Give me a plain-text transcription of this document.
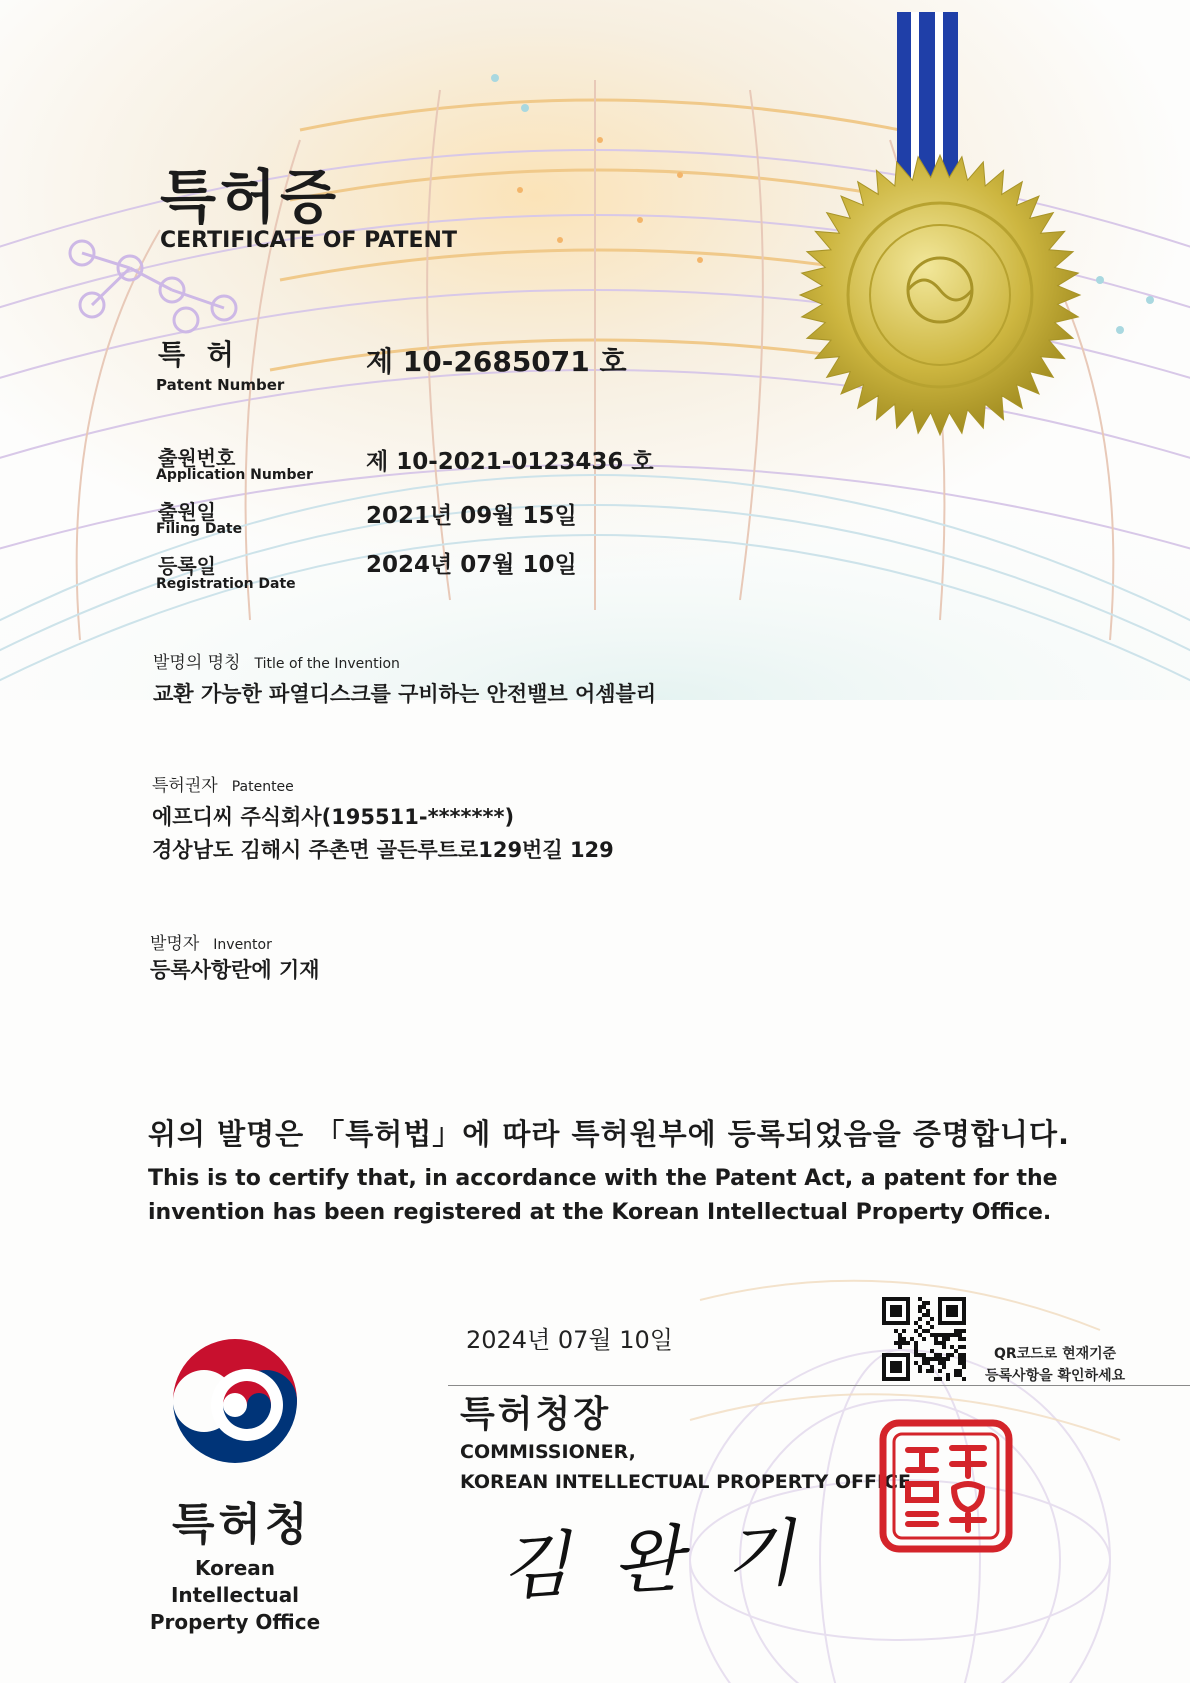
특허증
CERTIFICATE OF PATENT
특 허
Patent Number
제 10-2685071 호
출원번호
Application Number 제 10-2021-0123436 호
출원일
Filing Date	2021년 09월 15일
등록일
Registration Date
2024년 07월 10일
발명의 명칭 Title of the Invention
교환 가능한 파열디스크를 구비하는 안전밸브 어셈블리
특허권자 Patentee
에프디씨 주식회사(195511-*******)
경상남도 김해시 주촌면 골든루트로129번길 129
발명자 Inventor
등록사항란에 기재
위의 발명은 「특허법」에 따라 특허원부에 등록되었음을 증명합니다.
This is to certify that, in accordance with the Patent Act, a patent for the
invention has been registered at the Korean Intellectual Property Office.
2024년 07월 10일	QR코드로 현재기준
등록사항을 확인하세요
특허청장
COMMISSIONER,
KOREAN INTELLECTUAL PROPERTY OFFICE
김 완 기
특허청
Korean Intellectual
Property Office
